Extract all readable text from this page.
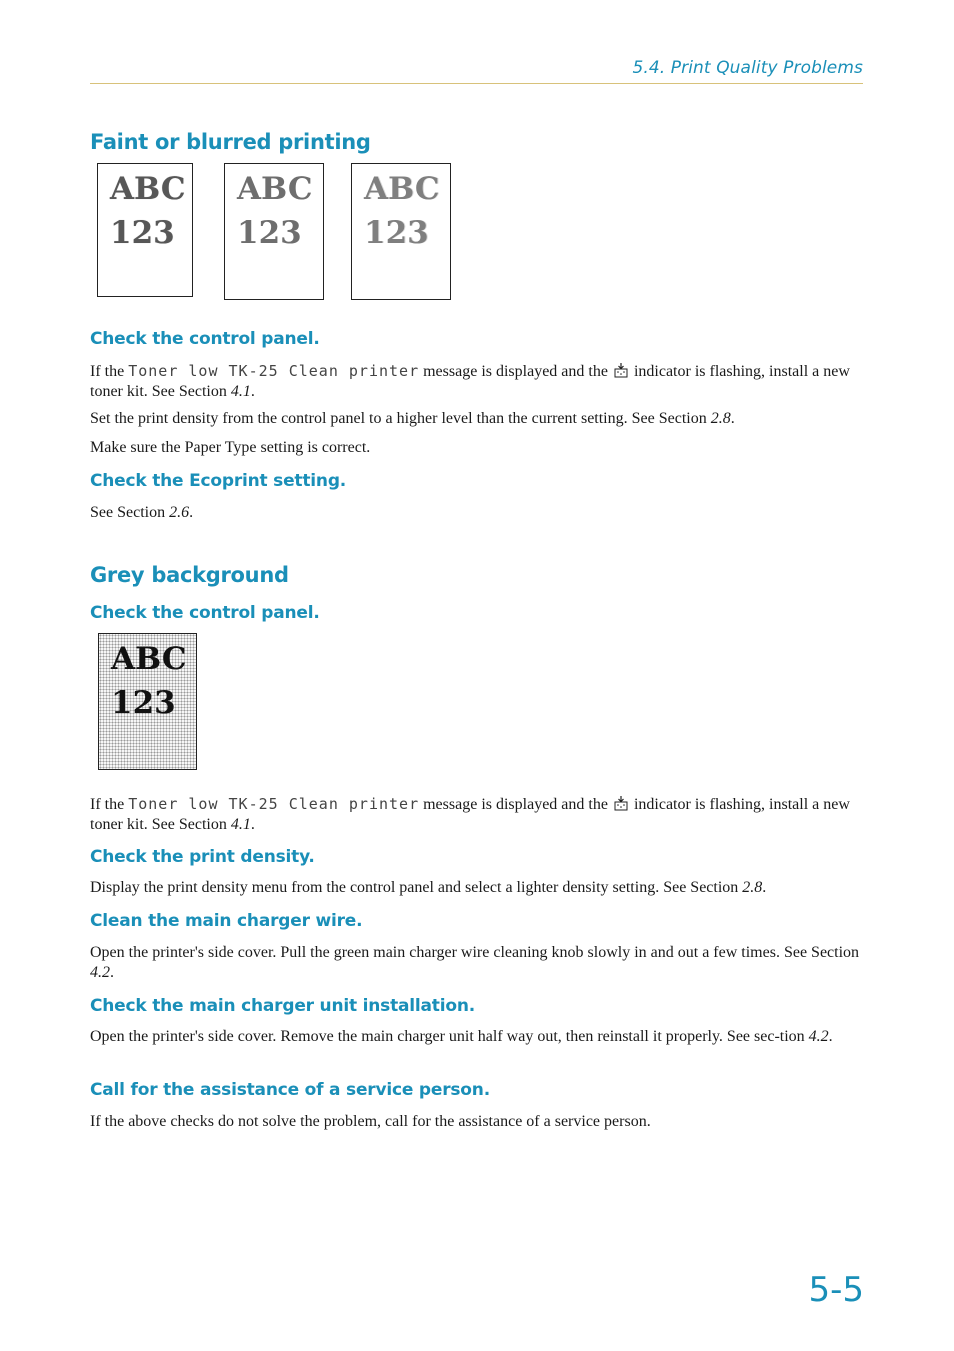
5.4. Print Quality Problems
Faint or blurred printing
ABC
123
ABC
123
ABC
123
Check the control panel.
If the Toner low TK-25 Clean printer message is displayed and the  indicator is flashing, install a new toner kit. See Section 4.1.
Set the print density from the control panel to a higher level than the current setting. See Section 2.8.
Make sure the Paper Type setting is correct.
Check the Ecoprint setting.
See Section 2.6.
Grey background
Check the control panel.
ABC
123
If the Toner low TK-25 Clean printer message is displayed and the  indicator is flashing, install a new toner kit. See Section 4.1.
Check the print density.
Display the print density menu from the control panel and select a lighter density setting. See Section 2.8.
Clean the main charger wire.
Open the printer's side cover. Pull the green main charger wire cleaning knob slowly in and out a few times. See Section 4.2.
Check the main charger unit installation.
Open the printer's side cover. Remove the main charger unit half way out, then reinstall it properly. See sec-tion 4.2.
Call for the assistance of a service person.
If the above checks do not solve the problem, call for the assistance of a service person.
5-5
